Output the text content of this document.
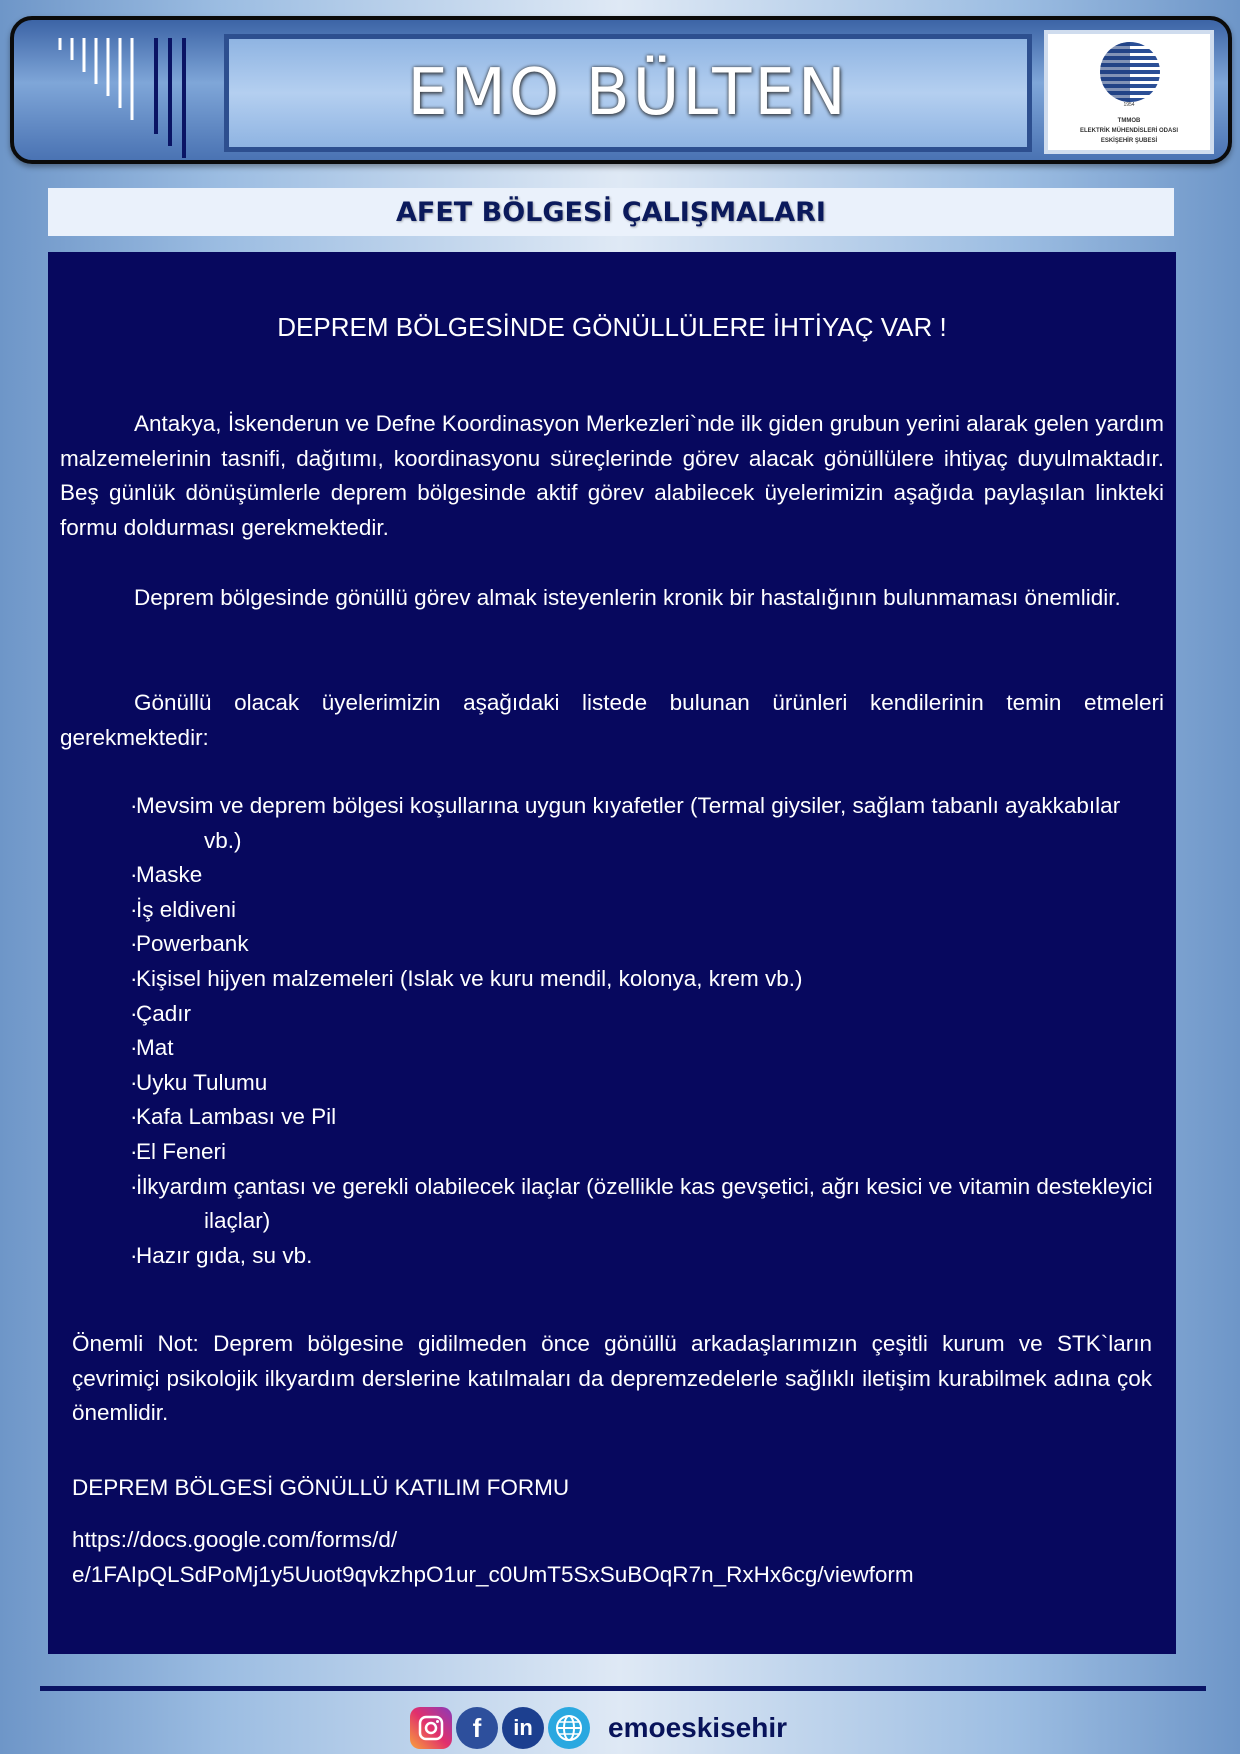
EMO BÜLTEN	1954
TMMOB
ELEKTRİK MÜHENDİSLERİ ODASI
ESKİŞEHİR ŞUBESİ
AFET BÖLGESİ ÇALIŞMALARI
DEPREM BÖLGESİNDE GÖNÜLLÜLERE İHTİYAÇ VAR !

Antakya, İskenderun ve Defne Koordinasyon Merkezleri`nde ilk giden grubun yerini alarak gelen yardım malzemelerinin tasnifi, dağıtımı, koordinasyonu süreçlerinde görev alacak gönüllülere ihtiyaç duyulmaktadır. Beş günlük dönüşümlerle deprem bölgesinde aktif görev alabilecek üyelerimizin aşağıda paylaşılan linkteki formu doldurması gerekmektedir.

Deprem bölgesinde gönüllü görev almak isteyenlerin kronik bir hastalığının bulunmaması önemlidir.

Gönüllü olacak üyelerimizin aşağıdaki listede bulunan ürünleri kendilerinin temin etmeleri gerekmektedir:

·Mevsim ve deprem bölgesi koşullarına uygun kıyafetler (Termal giysiler, sağlam tabanlı ayakkabılar vb.)
·Maske
·İş eldiveni
·Powerbank
·Kişisel hijyen malzemeleri (Islak ve kuru mendil, kolonya, krem vb.)
·Çadır
·Mat
·Uyku Tulumu
·Kafa Lambası ve Pil
·El Feneri
·İlkyardım çantası ve gerekli olabilecek ilaçlar (özellikle kas gevşetici, ağrı kesici ve vitamin destekleyici ilaçlar)
·Hazır gıda, su vb.

Önemli Not: Deprem bölgesine gidilmeden önce gönüllü arkadaşlarımızın çeşitli kurum ve STK`ların çevrimiçi psikolojik ilkyardım derslerine katılmaları da depremzedelerle sağlıklı iletişim kurabilmek adına çok önemlidir.

DEPREM BÖLGESİ GÖNÜLLÜ KATILIM FORMU

https://docs.google.com/forms/d/
e/1FAIpQLSdPoMj1y5Uuot9qvkzhpO1ur_c0UmT5SxSuBOqR7n_RxHx6cg/viewform

f	in	emoeskisehir
